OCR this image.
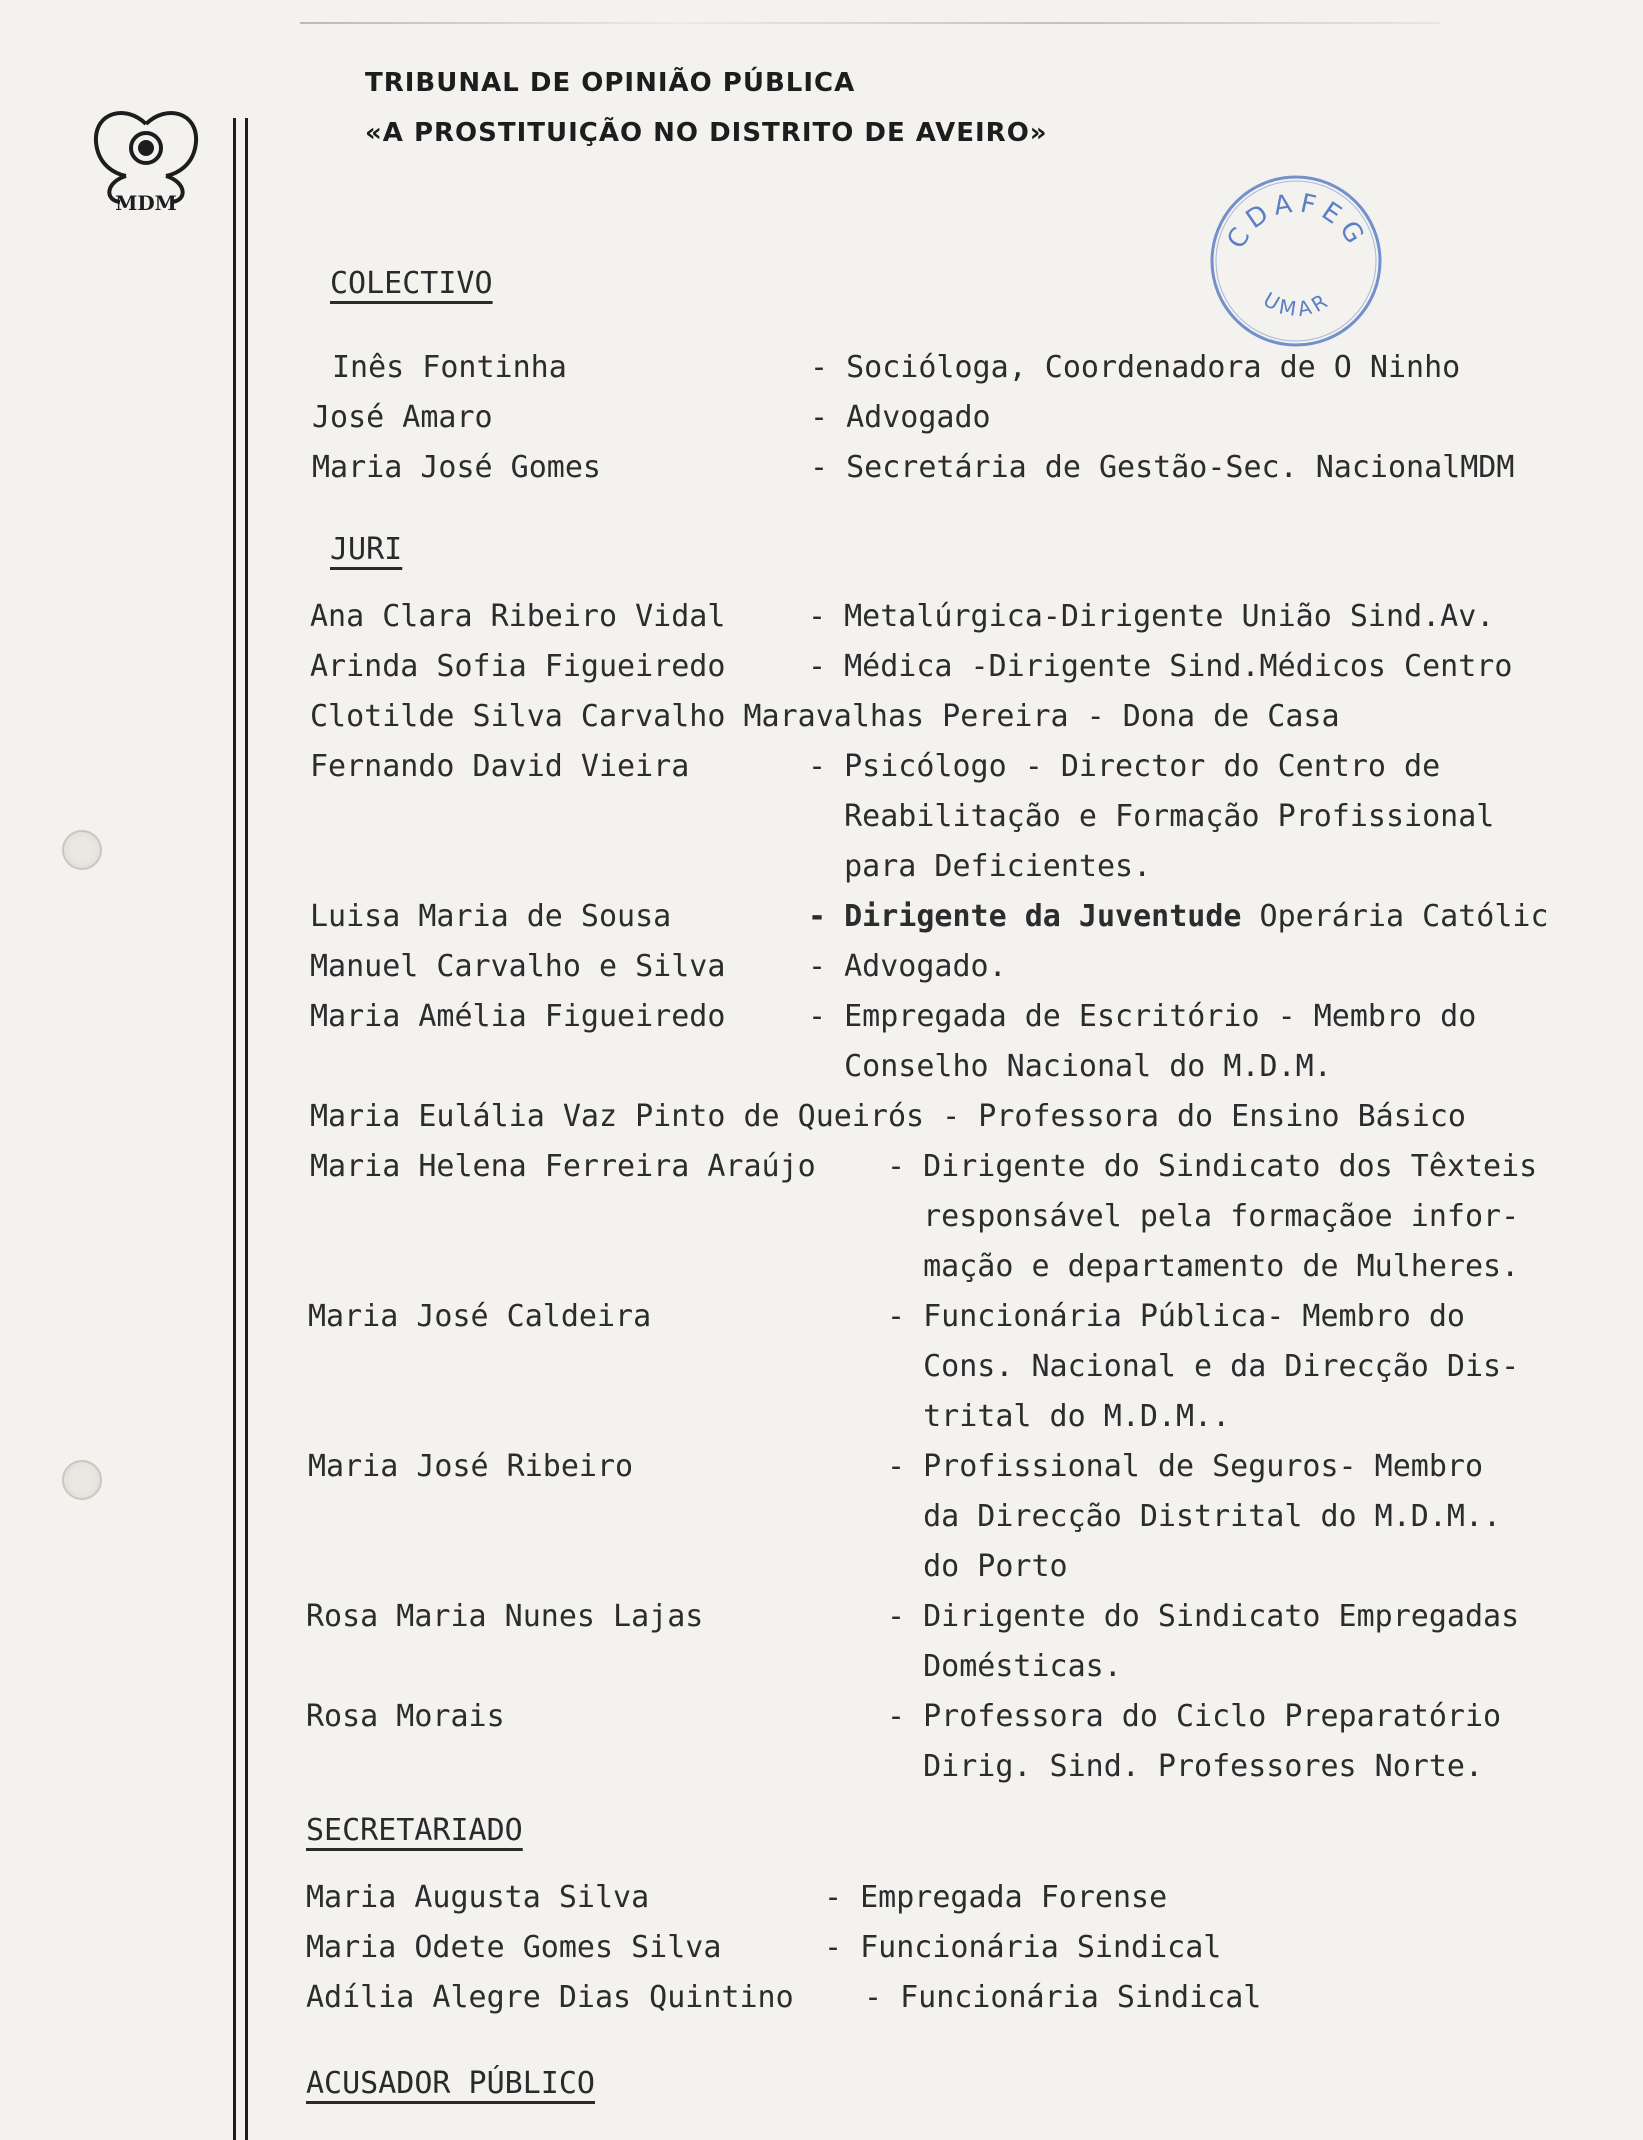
MDM
TRIBUNAL DE OPINIÃO PÚBLICA
«A PROSTITUIÇÃO NO DISTRITO DE AVEIRO»
CDAFEG
UMAR
COLECTIVO
Inês Fontinha	- Socióloga, Coordenadora de O Ninho
José Amaro	- Advogado
Maria José Gomes	- Secretária de Gestão-Sec. NacionalMDM
JURI
Ana Clara Ribeiro Vidal	- Metalúrgica-Dirigente União Sind.Av.
Arinda Sofia Figueiredo	- Médica -Dirigente Sind.Médicos Centro
Clotilde Silva Carvalho Maravalhas Pereira - Dona de Casa
Fernando David Vieira	- Psicólogo - Director do Centro de
Reabilitação e Formação Profissional
para Deficientes.
Luisa Maria de Sousa	- Dirigente da Juventude Operária Católic
Manuel Carvalho e Silva	- Advogado.
Maria Amélia Figueiredo	- Empregada de Escritório - Membro do
Conselho Nacional do M.D.M.
Maria Eulália Vaz Pinto de Queirós - Professora do Ensino Básico
Maria Helena Ferreira Araújo - Dirigente do Sindicato dos Têxteis
responsável pela formaçãoe infor-
mação e departamento de Mulheres.
Maria José Caldeira	- Funcionária Pública- Membro do
Cons. Nacional e da Direcção Dis-
trital do M.D.M..
Maria José Ribeiro	- Profissional de Seguros- Membro
da Direcção Distrital do M.D.M..
do Porto
Rosa Maria Nunes Lajas	- Dirigente do Sindicato Empregadas
Domésticas.
Rosa Morais	- Professora do Ciclo Preparatório
Dirig. Sind. Professores Norte.
SECRETARIADO
Maria Augusta Silva	- Empregada Forense
Maria Odete Gomes Silva	- Funcionária Sindical
Adília Alegre Dias Quintino - Funcionária Sindical
ACUSADOR PÚBLICO
